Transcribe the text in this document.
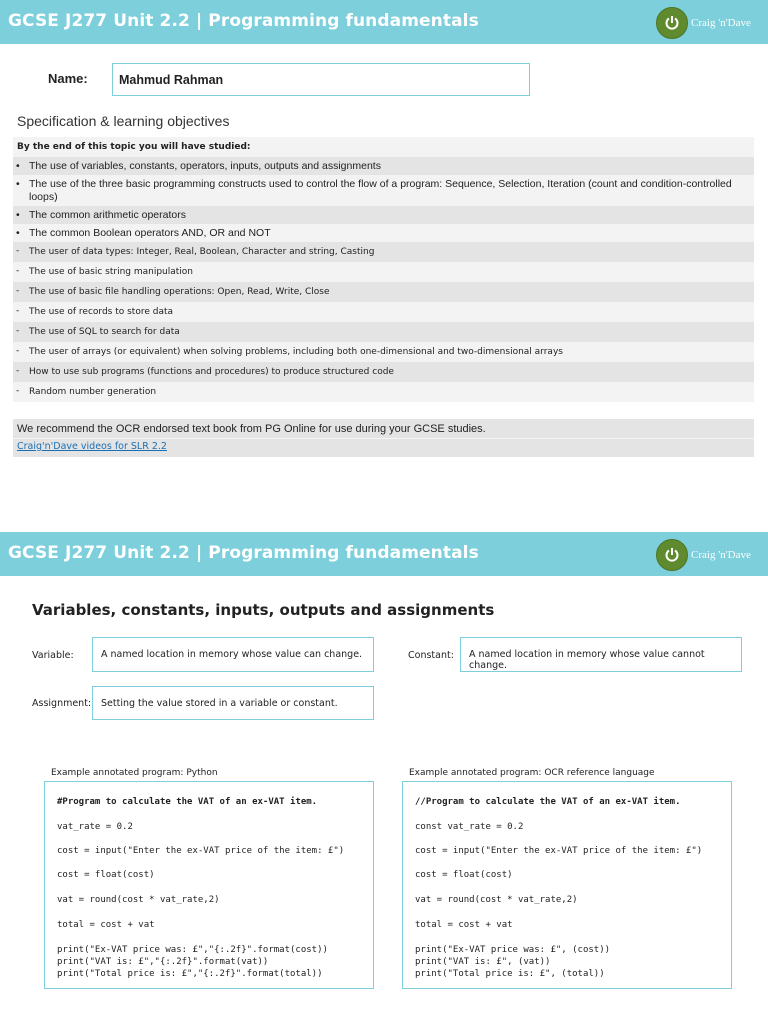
GCSE J277 Unit 2.2 | Programming fundamentals	Craig 'n'Dave
Name:	Mahmud Rahman
Specification & learning objectives
By the end of this topic you will have studied:
• The use of variables, constants, operators, inputs, outputs and assignments
• The use of the three basic programming constructs used to control the flow of a program: Sequence, Selection, Iteration (count and condition-controlled loops)
• The common arithmetic operators
• The common Boolean operators AND, OR and NOT
- The user of data types: Integer, Real, Boolean, Character and string, Casting
- The use of basic string manipulation
- The use of basic file handling operations: Open, Read, Write, Close
- The use of records to store data
- The use of SQL to search for data
- The user of arrays (or equivalent) when solving problems, including both one-dimensional and two-dimensional arrays
- How to use sub programs (functions and procedures) to produce structured code
- Random number generation
We recommend the OCR endorsed text book from PG Online for use during your GCSE studies.
Craig'n'Dave videos for SLR 2.2
GCSE J277 Unit 2.2 | Programming fundamentals	Craig 'n'Dave
Variables, constants, inputs, outputs and assignments
Variable:	A named location in memory whose value can change.	Constant: A named location in memory whose value cannot change.
Assignment: Setting the value stored in a variable or constant.
Example annotated program: Python
#Program to calculate the VAT of an ex-VAT item.
vat_rate = 0.2
cost = input("Enter the ex-VAT price of the item: £")
cost = float(cost)
vat = round(cost * vat_rate,2)
total = cost + vat
print("Ex-VAT price was: £","{:.2f}".format(cost))
print("VAT is: £","{:.2f}".format(vat))
print("Total price is: £","{:.2f}".format(total))
Example annotated program: OCR reference language
//Program to calculate the VAT of an ex-VAT item.
const vat_rate = 0.2
cost = input("Enter the ex-VAT price of the item: £")
cost = float(cost)
vat = round(cost * vat_rate,2)
total = cost + vat
print("Ex-VAT price was: £", (cost))
print("VAT is: £", (vat))
print("Total price is: £", (total))
